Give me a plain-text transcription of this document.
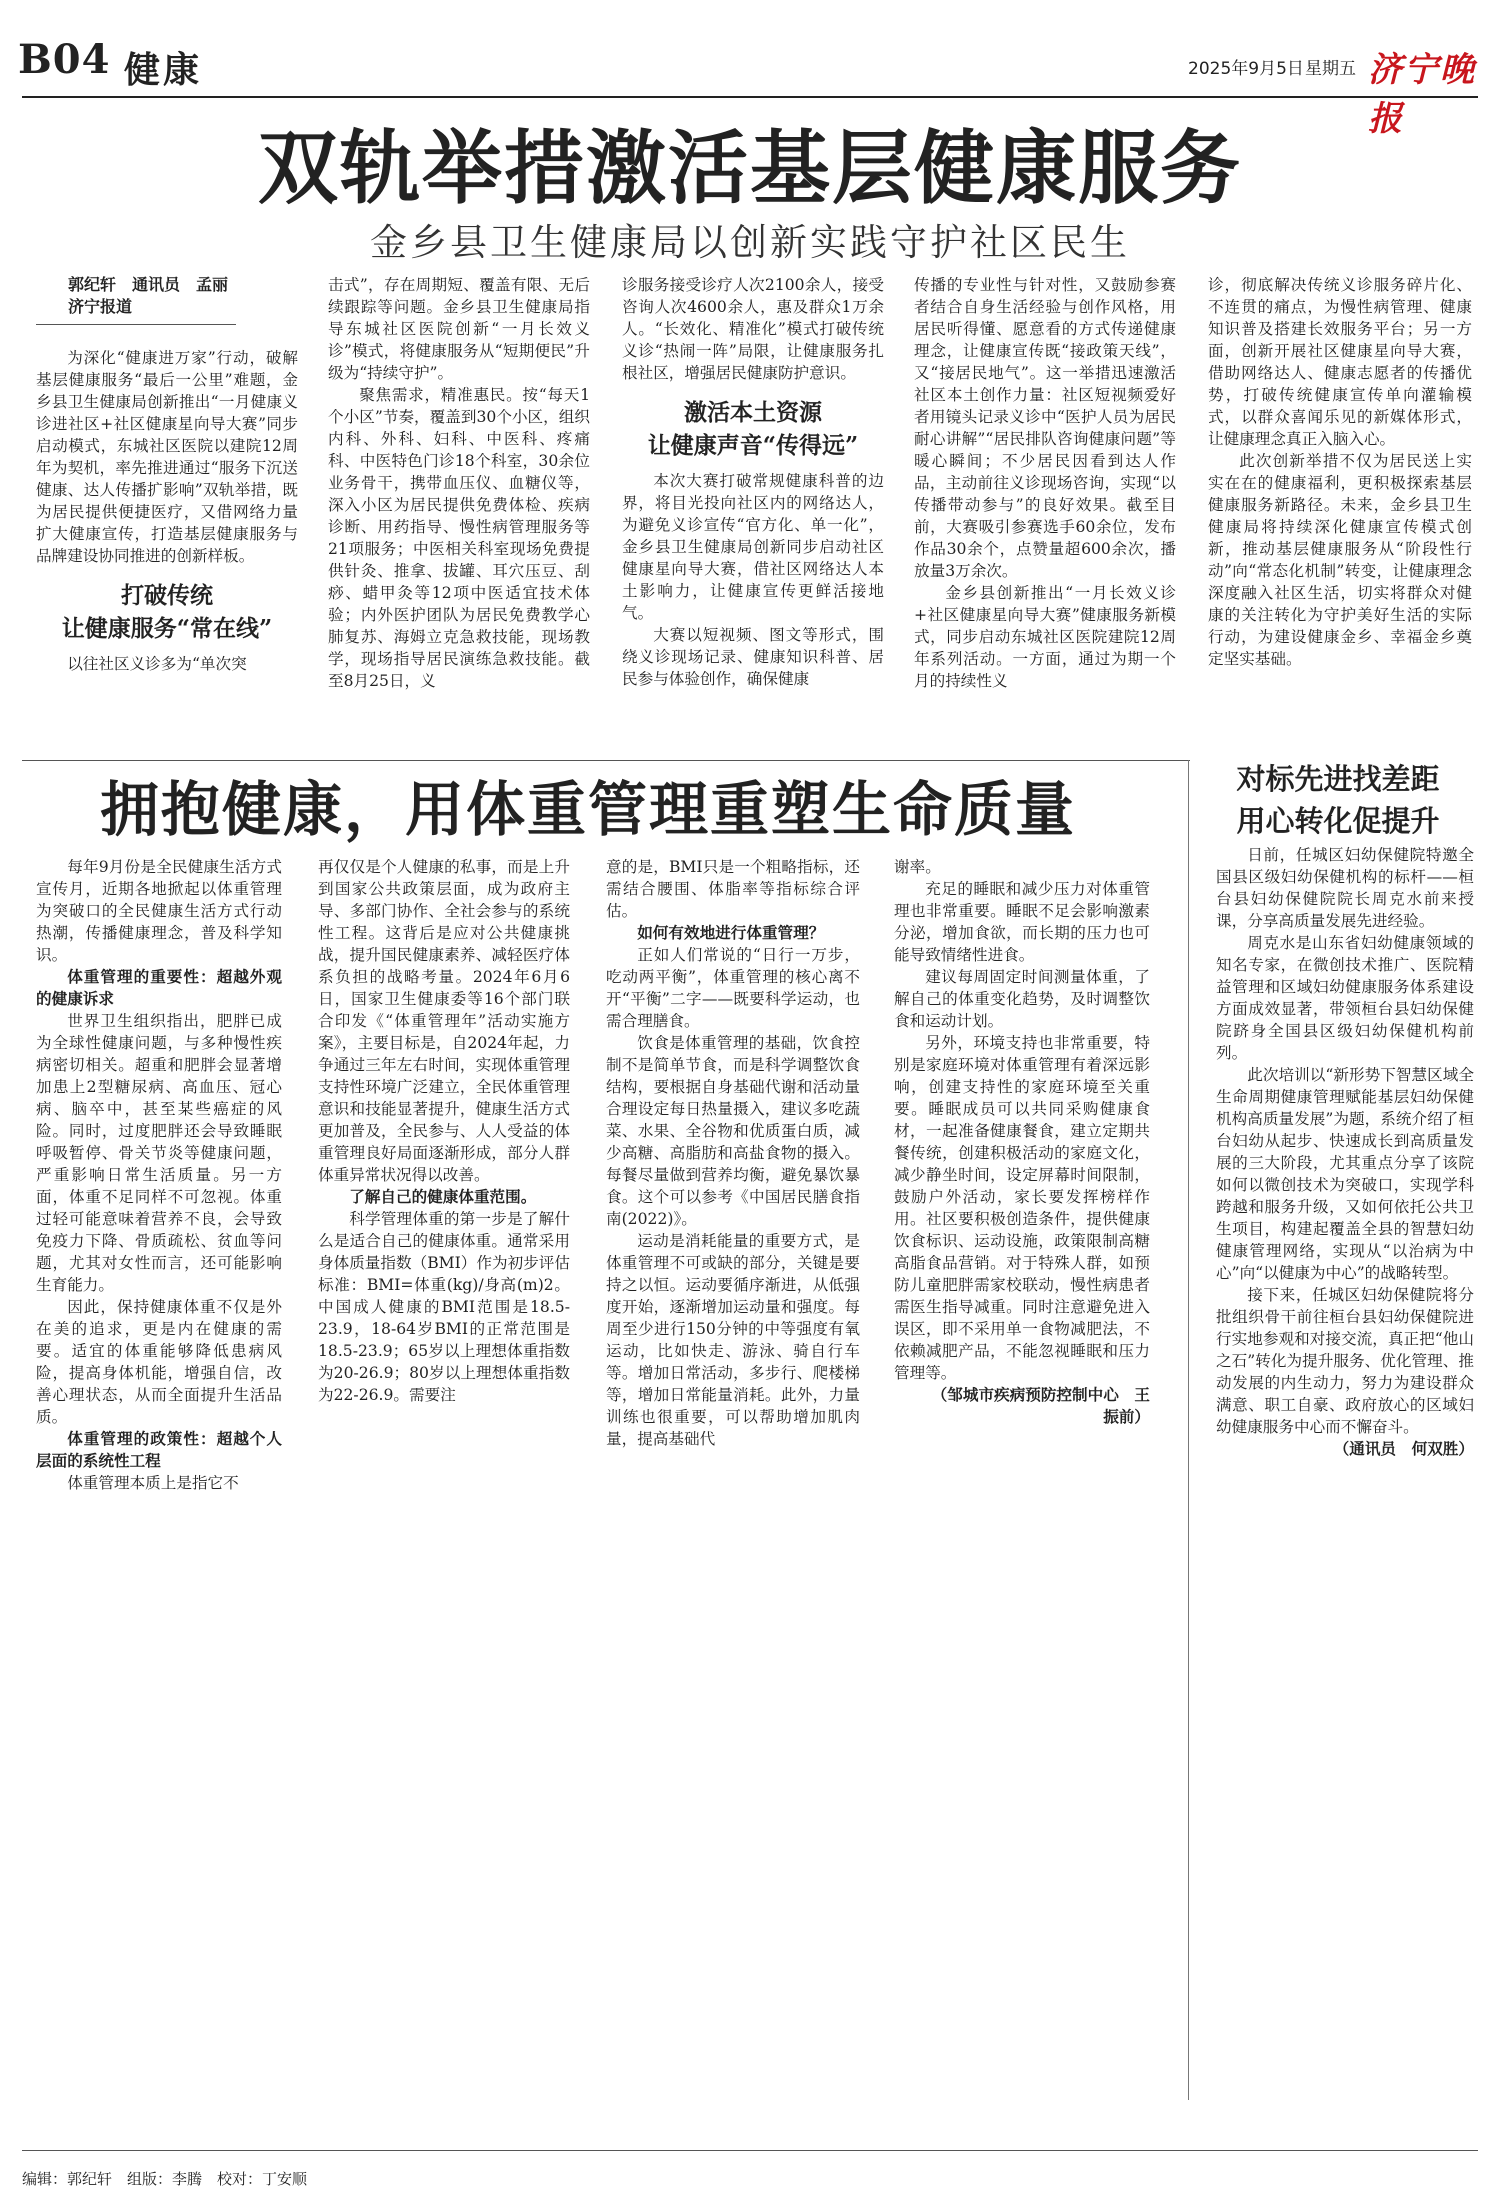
B04 健康	2025年9月5日 星期五 济宁晚报
双轨举措激活基层健康服务
金乡县卫生健康局以创新实践守护社区民生

郭纪轩　通讯员　孟丽

济宁报道

为深化“健康进万家”行动，破解基层健康服务“最后一公里”难题，金乡县卫生健康局创新推出“一月健康义诊进社区+社区健康星向导大赛”同步启动模式，东城社区医院以建院12周年为契机，率先推进通过“服务下沉送健康、达人传播扩影响”双轨举措，既为居民提供便捷医疗，又借网络力量扩大健康宣传，打造基层健康服务与品牌建设协同推进的创新样板。

打破传统
让健康服务“常在线”

以往社区义诊多为“单次突

击式”，存在周期短、覆盖有限、无后续跟踪等问题。金乡县卫生健康局指导东城社区医院创新“一月长效义诊”模式，将健康服务从“短期便民”升级为“持续守护”。

聚焦需求，精准惠民。按“每天1个小区”节奏，覆盖到30个小区，组织内科、外科、妇科、中医科、疼痛科、中医特色门诊18个科室，30余位业务骨干，携带血压仪、血糖仪等，深入小区为居民提供免费体检、疾病诊断、用药指导、慢性病管理服务等21项服务；中医相关科室现场免费提供针灸、推拿、拔罐、耳穴压豆、刮痧、蜡甲灸等12项中医适宜技术体验；内外医护团队为居民免费教学心肺复苏、海姆立克急救技能，现场教学，现场指导居民演练急救技能。截至8月25日，义

诊服务接受诊疗人次2100余人，接受咨询人次4600余人，惠及群众1万余人。“长效化、精准化”模式打破传统义诊“热闹一阵”局限，让健康服务扎根社区，增强居民健康防护意识。

激活本土资源
让健康声音“传得远”

本次大赛打破常规健康科普的边界，将目光投向社区内的网络达人，为避免义诊宣传“官方化、单一化”，金乡县卫生健康局创新同步启动社区健康星向导大赛，借社区网络达人本土影响力，让健康宣传更鲜活接地气。

大赛以短视频、图文等形式，围绕义诊现场记录、健康知识科普、居民参与体验创作，确保健康

传播的专业性与针对性，又鼓励参赛者结合自身生活经验与创作风格，用居民听得懂、愿意看的方式传递健康理念，让健康宣传既“接政策天线”，又“接居民地气”。这一举措迅速激活社区本土创作力量：社区短视频爱好者用镜头记录义诊中“医护人员为居民耐心讲解”“居民排队咨询健康问题”等暖心瞬间；不少居民因看到达人作品，主动前往义诊现场咨询，实现“以传播带动参与”的良好效果。截至目前，大赛吸引参赛选手60余位，发布作品30余个，点赞量超600余次，播放量3万余次。

金乡县创新推出“一月长效义诊+社区健康星向导大赛”健康服务新模式，同步启动东城社区医院建院12周年系列活动。一方面，通过为期一个月的持续性义

诊，彻底解决传统义诊服务碎片化、不连贯的痛点，为慢性病管理、健康知识普及搭建长效服务平台；另一方面，创新开展社区健康星向导大赛，借助网络达人、健康志愿者的传播优势，打破传统健康宣传单向灌输模式，以群众喜闻乐见的新媒体形式，让健康理念真正入脑入心。

此次创新举措不仅为居民送上实实在在的健康福利，更积极探索基层健康服务新路径。未来，金乡县卫生健康局将持续深化健康宣传模式创新，推动基层健康服务从“阶段性行动”向“常态化机制”转变，让健康理念深度融入社区生活，切实将群众对健康的关注转化为守护美好生活的实际行动，为建设健康金乡、幸福金乡奠定坚实基础。

拥抱健康，用体重管理重塑生命质量

每年9月份是全民健康生活方式宣传月，近期各地掀起以体重管理为突破口的全民健康生活方式行动热潮，传播健康理念，普及科学知识。

体重管理的重要性：超越外观的健康诉求

世界卫生组织指出，肥胖已成为全球性健康问题，与多种慢性疾病密切相关。超重和肥胖会显著增加患上2型糖尿病、高血压、冠心病、脑卒中，甚至某些癌症的风险。同时，过度肥胖还会导致睡眠呼吸暂停、骨关节炎等健康问题，严重影响日常生活质量。另一方面，体重不足同样不可忽视。体重过轻可能意味着营养不良，会导致免疫力下降、骨质疏松、贫血等问题，尤其对女性而言，还可能影响生育能力。

因此，保持健康体重不仅是外在美的追求，更是内在健康的需要。适宜的体重能够降低患病风险，提高身体机能，增强自信，改善心理状态，从而全面提升生活品质。

体重管理的政策性：超越个人层面的系统性工程

体重管理本质上是指它不

再仅仅是个人健康的私事，而是上升到国家公共政策层面，成为政府主导、多部门协作、全社会参与的系统性工程。这背后是应对公共健康挑战，提升国民健康素养、减轻医疗体系负担的战略考量。2024年6月6日，国家卫生健康委等16个部门联合印发《“体重管理年”活动实施方案》，主要目标是，自2024年起，力争通过三年左右时间，实现体重管理支持性环境广泛建立，全民体重管理意识和技能显著提升，健康生活方式更加普及，全民参与、人人受益的体重管理良好局面逐渐形成，部分人群体重异常状况得以改善。

了解自己的健康体重范围。

科学管理体重的第一步是了解什么是适合自己的健康体重。通常采用身体质量指数（BMI）作为初步评估标准：BMI=体重(kg)/身高(m)2。中国成人健康的BMI范围是18.5-23.9，18-64岁BMI的正常范围是18.5-23.9；65岁以上理想体重指数为20-26.9；80岁以上理想体重指数为22-26.9。需要注

意的是，BMI只是一个粗略指标，还需结合腰围、体脂率等指标综合评估。

如何有效地进行体重管理？

正如人们常说的“日行一万步，吃动两平衡”，体重管理的核心离不开“平衡”二字——既要科学运动，也需合理膳食。

饮食是体重管理的基础，饮食控制不是简单节食，而是科学调整饮食结构，要根据自身基础代谢和活动量合理设定每日热量摄入，建议多吃蔬菜、水果、全谷物和优质蛋白质，减少高糖、高脂肪和高盐食物的摄入。每餐尽量做到营养均衡，避免暴饮暴食。这个可以参考《中国居民膳食指南(2022)》。

运动是消耗能量的重要方式，是体重管理不可或缺的部分，关键是要持之以恒。运动要循序渐进，从低强度开始，逐渐增加运动量和强度。每周至少进行150分钟的中等强度有氧运动，比如快走、游泳、骑自行车等。增加日常活动，多步行、爬楼梯等，增加日常能量消耗。此外，力量训练也很重要，可以帮助增加肌肉量，提高基础代

谢率。

充足的睡眠和减少压力对体重管理也非常重要。睡眠不足会影响激素分泌，增加食欲，而长期的压力也可能导致情绪性进食。

建议每周固定时间测量体重，了解自己的体重变化趋势，及时调整饮食和运动计划。

另外，环境支持也非常重要，特别是家庭环境对体重管理有着深远影响，创建支持性的家庭环境至关重要。睡眠成员可以共同采购健康食材，一起准备健康餐食，建立定期共餐传统，创建积极活动的家庭文化，减少静坐时间，设定屏幕时间限制，鼓励户外活动，家长要发挥榜样作用。社区要积极创造条件，提供健康饮食标识、运动设施，政策限制高糖高脂食品营销。对于特殊人群，如预防儿童肥胖需家校联动，慢性病患者需医生指导减重。同时注意避免进入误区，即不采用单一食物减肥法，不依赖减肥产品，不能忽视睡眠和压力管理等。

（邹城市疾病预防控制中心　王振前）

对标先进找差距
用心转化促提升

日前，任城区妇幼保健院特邀全国县区级妇幼保健机构的标杆——桓台县妇幼保健院院长周克水前来授课，分享高质量发展先进经验。

周克水是山东省妇幼健康领域的知名专家，在微创技术推广、医院精益管理和区域妇幼健康服务体系建设方面成效显著，带领桓台县妇幼保健院跻身全国县区级妇幼保健机构前列。

此次培训以“新形势下智慧区域全生命周期健康管理赋能基层妇幼保健机构高质量发展”为题，系统介绍了桓台妇幼从起步、快速成长到高质量发展的三大阶段，尤其重点分享了该院如何以微创技术为突破口，实现学科跨越和服务升级，又如何依托公共卫生项目，构建起覆盖全县的智慧妇幼健康管理网络，实现从“以治病为中心”向“以健康为中心”的战略转型。

接下来，任城区妇幼保健院将分批组织骨干前往桓台县妇幼保健院进行实地参观和对接交流，真正把“他山之石”转化为提升服务、优化管理、推动发展的内生动力，努力为建设群众满意、职工自豪、政府放心的区域妇幼健康服务中心而不懈奋斗。

（通讯员　何双胜）

编辑：郭纪轩　组版：李腾　校对：丁安顺
